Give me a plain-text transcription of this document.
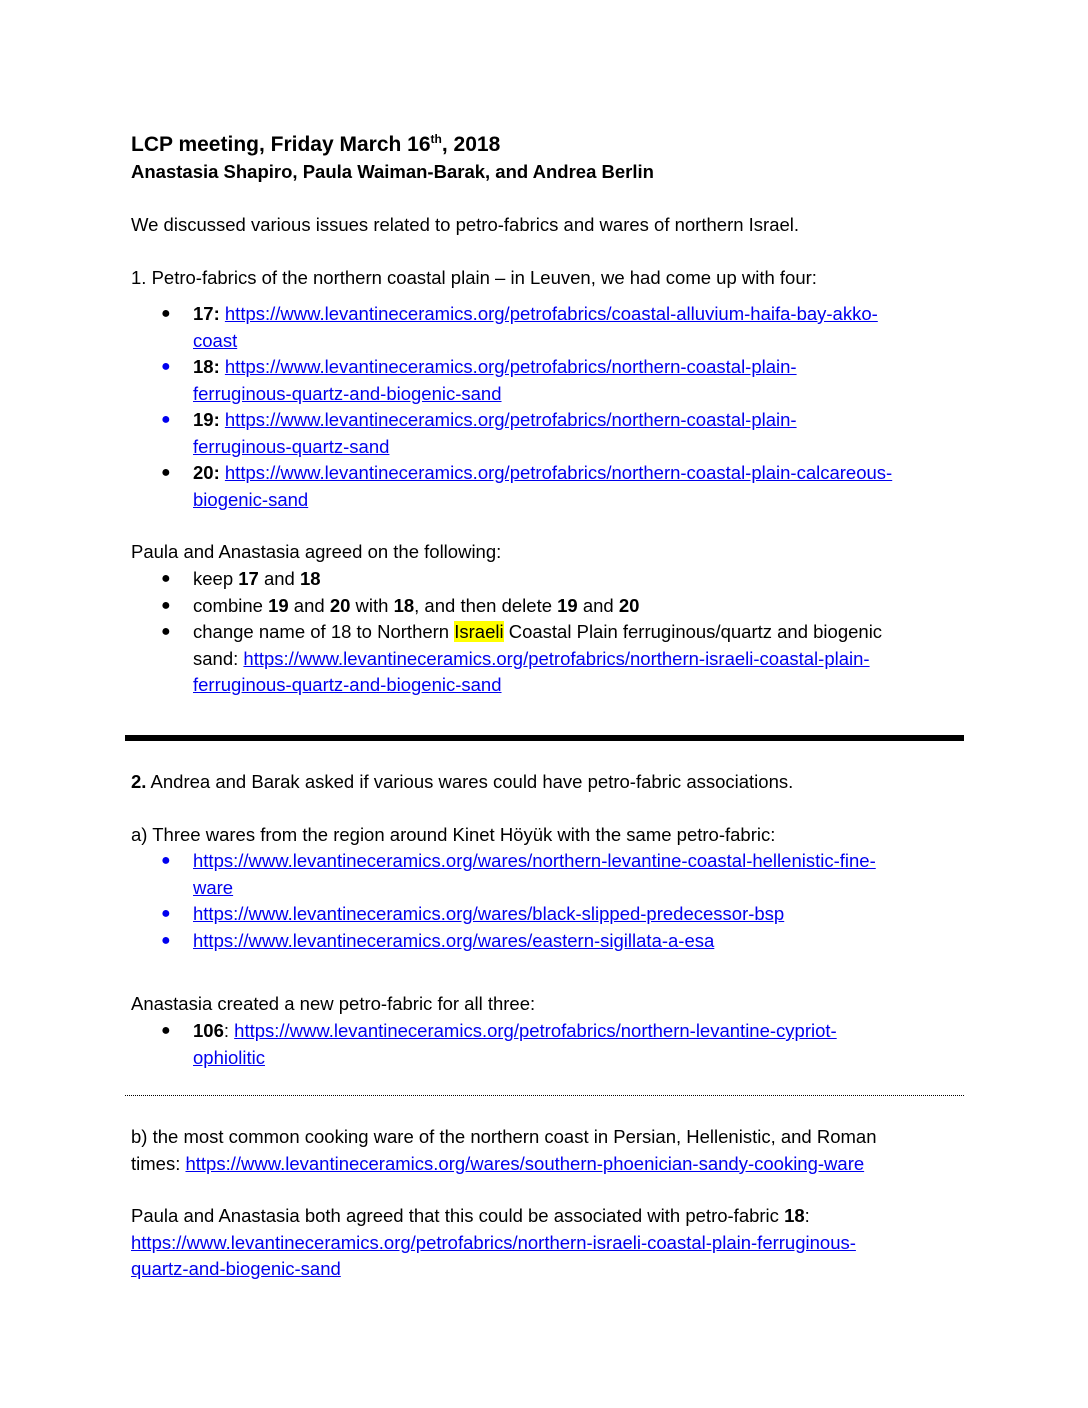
LCP meeting, Friday March 16th, 2018
Anastasia Shapiro, Paula Waiman-Barak, and Andrea Berlin
We discussed various issues related to petro-fabrics and wares of northern Israel.
1. Petro-fabrics of the northern coastal plain – in Leuven, we had come up with four:
● 17: https://www.levantineceramics.org/petrofabrics/coastal-alluvium-haifa-bay-akko-
coast
● 18: https://www.levantineceramics.org/petrofabrics/northern-coastal-plain-
ferruginous-quartz-and-biogenic-sand
● 19: https://www.levantineceramics.org/petrofabrics/northern-coastal-plain-
ferruginous-quartz-sand
● 20: https://www.levantineceramics.org/petrofabrics/northern-coastal-plain-calcareous-
biogenic-sand
Paula and Anastasia agreed on the following:
● keep 17 and 18
● combine 19 and 20 with 18, and then delete 19 and 20
● change name of 18 to Northern Israeli Coastal Plain ferruginous/quartz and biogenic
sand: https://www.levantineceramics.org/petrofabrics/northern-israeli-coastal-plain-
ferruginous-quartz-and-biogenic-sand
2. Andrea and Barak asked if various wares could have petro-fabric associations.
a) Three wares from the region around Kinet Höyük with the same petro-fabric:
● https://www.levantineceramics.org/wares/northern-levantine-coastal-hellenistic-fine-
ware
● https://www.levantineceramics.org/wares/black-slipped-predecessor-bsp
● https://www.levantineceramics.org/wares/eastern-sigillata-a-esa
Anastasia created a new petro-fabric for all three:
● 106: https://www.levantineceramics.org/petrofabrics/northern-levantine-cypriot-
ophiolitic
b) the most common cooking ware of the northern coast in Persian, Hellenistic, and Roman
times: https://www.levantineceramics.org/wares/southern-phoenician-sandy-cooking-ware
Paula and Anastasia both agreed that this could be associated with petro-fabric 18:
https://www.levantineceramics.org/petrofabrics/northern-israeli-coastal-plain-ferruginous-
quartz-and-biogenic-sand
